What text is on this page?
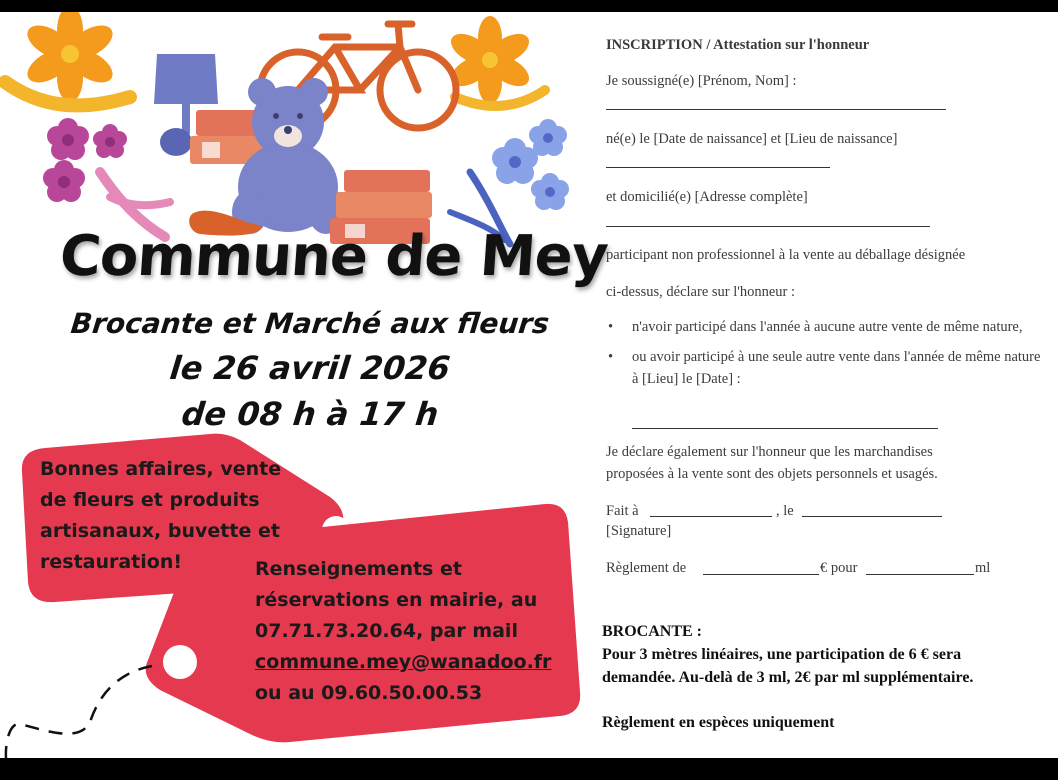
Commune de Mey
Brocante et Marché aux fleurs
le 26 avril 2026
de 08 h à 17 h
Bonnes affaires, vente
de fleurs et produits
artisanaux, buvette et
restauration!	Renseignements et
réservations en mairie, au
07.71.73.20.64, par mail
commune.mey@wanadoo.fr
ou au 09.60.50.00.53
INSCRIPTION / Attestation sur l'honneur
Je soussigné(e) [Prénom, Nom] :
né(e) le [Date de naissance] et [Lieu de naissance]
et domicilié(e) [Adresse complète]
participant non professionnel à la vente au déballage désignée
ci-dessus, déclare sur l'honneur :
• n'avoir participé dans l'année à aucune autre vente de même nature,
• ou avoir participé à une seule autre vente dans l'année de même nature à [Lieu] le [Date] :
Je déclare également sur l'honneur que les marchandises
proposées à la vente sont des objets personnels et usagés.
Fait à	, le
[Signature]
Règlement de	€ pour	ml
BROCANTE :
Pour 3 mètres linéaires, une participation de 6 € sera
demandée. Au-delà de 3 ml, 2€ par ml supplémentaire.
Règlement en espèces uniquement
